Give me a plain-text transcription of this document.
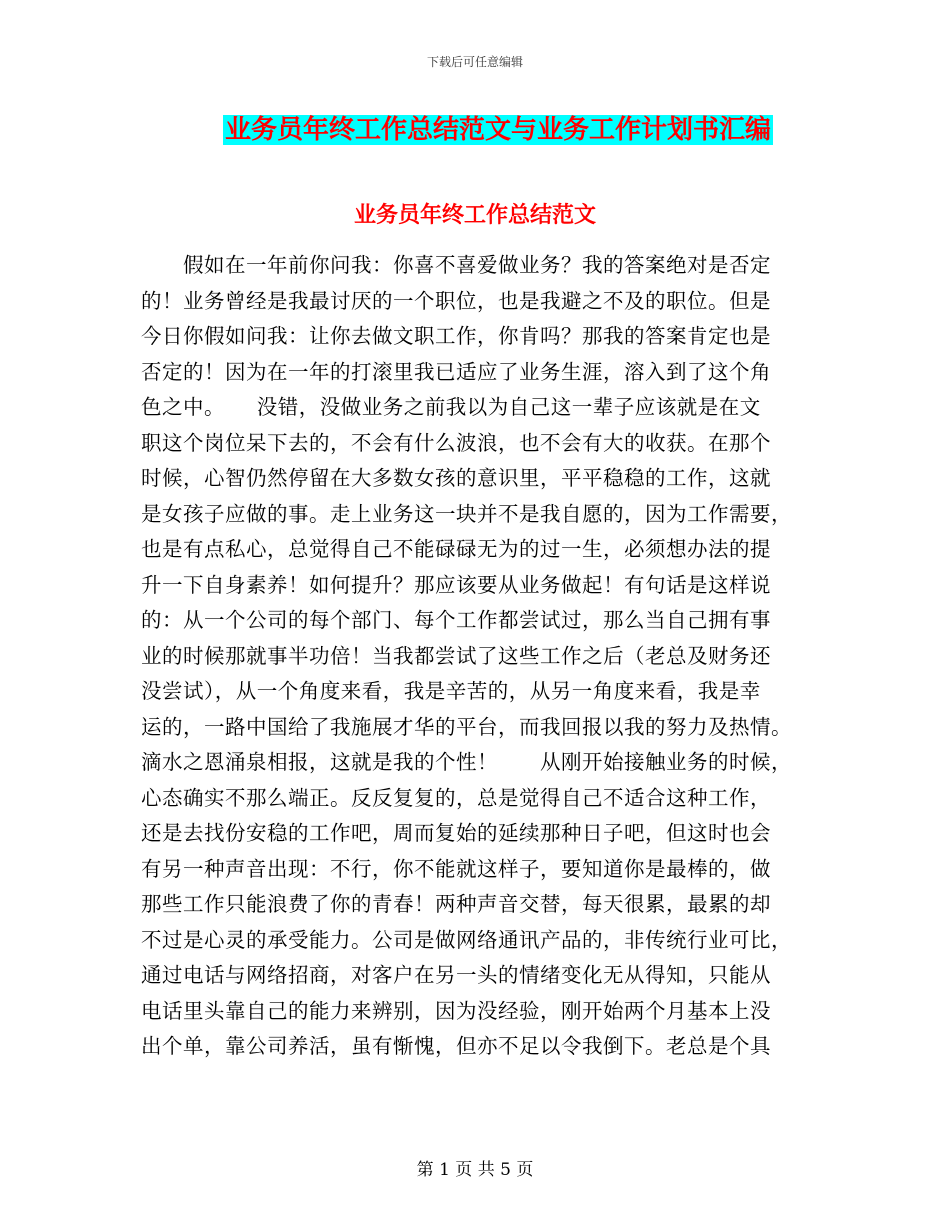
下载后可任意编辑
业务员年终工作总结范文与业务工作计划书汇编
业务员年终工作总结范文
　　假如在一年前你问我：你喜不喜爱做业务？我的答案绝对是否定
的！业务曾经是我最讨厌的一个职位，也是我避之不及的职位。但是
今日你假如问我：让你去做文职工作，你肯吗？那我的答案肯定也是
否定的！因为在一年的打滚里我已适应了业务生涯，溶入到了这个角
色之中。　　没错，没做业务之前我以为自己这一辈子应该就是在文
职这个岗位呆下去的，不会有什么波浪，也不会有大的收获。在那个
时候，心智仍然停留在大多数女孩的意识里，平平稳稳的工作，这就
是女孩子应做的事。走上业务这一块并不是我自愿的，因为工作需要，
也是有点私心，总觉得自己不能碌碌无为的过一生，必须想办法的提
升一下自身素养！如何提升？那应该要从业务做起！有句话是这样说
的：从一个公司的每个部门、每个工作都尝试过，那么当自己拥有事
业的时候那就事半功倍！当我都尝试了这些工作之后（老总及财务还
没尝试），从一个角度来看，我是辛苦的，从另一角度来看，我是幸
运的，一路中国给了我施展才华的平台，而我回报以我的努力及热情。
滴水之恩涌泉相报，这就是我的个性！　　从刚开始接触业务的时候，
心态确实不那么端正。反反复复的，总是觉得自己不适合这种工作，
还是去找份安稳的工作吧，周而复始的延续那种日子吧，但这时也会
有另一种声音出现：不行，你不能就这样子，要知道你是最棒的，做
那些工作只能浪费了你的青春！两种声音交替，每天很累，最累的却
不过是心灵的承受能力。公司是做网络通讯产品的，非传统行业可比，
通过电话与网络招商，对客户在另一头的情绪变化无从得知，只能从
电话里头靠自己的能力来辨别，因为没经验，刚开始两个月基本上没
出个单，靠公司养活，虽有惭愧，但亦不足以令我倒下。老总是个具
第 1 页 共 5 页
